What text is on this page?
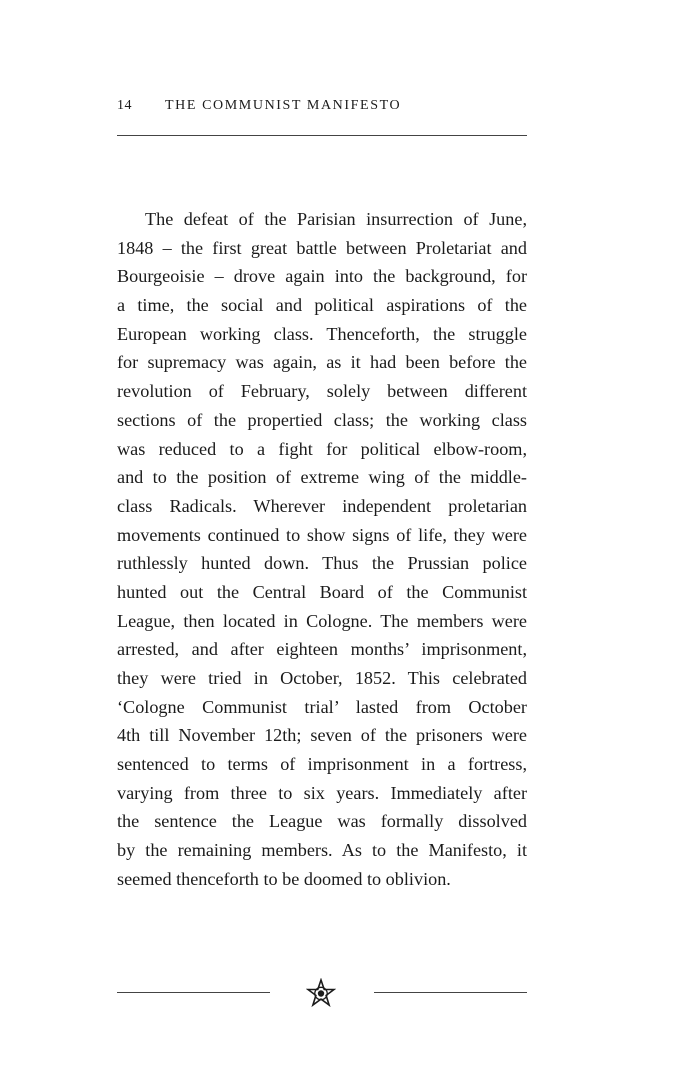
14 THE COMMUNIST MANIFESTO
The defeat of the Parisian insurrection of June,
1848 – the first great battle between Proletariat and
Bourgeoisie – drove again into the background, for
a time, the social and political aspirations of the
European working class. Thenceforth, the struggle
for supremacy was again, as it had been before the
revolution of February, solely between different
sections of the propertied class; the working class
was reduced to a fight for political elbow-room,
and to the position of extreme wing of the middle-
class Radicals. Wherever independent proletarian
movements continued to show signs of life, they were
ruthlessly hunted down. Thus the Prussian police
hunted out the Central Board of the Communist
League, then located in Cologne. The members were
arrested, and after eighteen months’ imprisonment,
they were tried in October, 1852. This celebrated
‘Cologne Communist trial’ lasted from October
4th till November 12th; seven of the prisoners were
sentenced to terms of imprisonment in a fortress,
varying from three to six years. Immediately after
the sentence the League was formally dissolved
by the remaining members. As to the Manifesto, it
seemed thenceforth to be doomed to oblivion.
